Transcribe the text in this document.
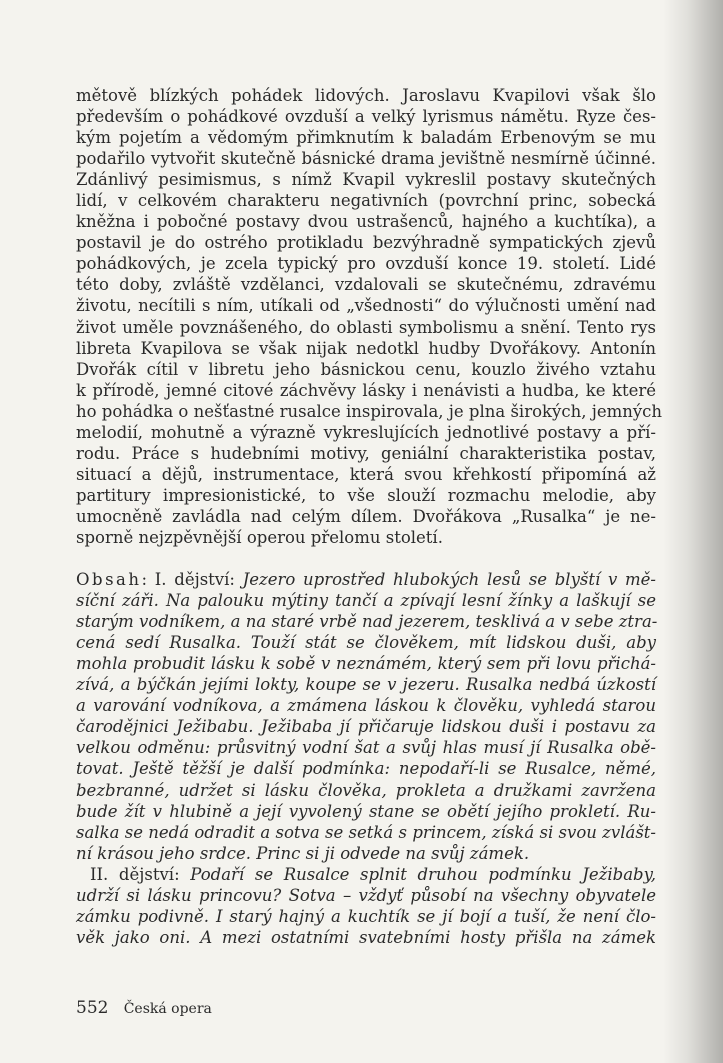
mětově blízkých pohádek lidových. Jaroslavu Kvapilovi však šlo

především o pohádkové ovzduší a velký lyrismus námětu. Ryze čes-

kým pojetím a vědomým přimknutím k baladám Erbenovým se mu

podařilo vytvořit skutečně básnické drama jevištně nesmírně účinné.

Zdánlivý pesimismus, s nímž Kvapil vykreslil postavy skutečných

lidí, v celkovém charakteru negativních (povrchní princ, sobecká

kněžna i pobočné postavy dvou ustrašenců, hajného a kuchtíka), a

postavil je do ostrého protikladu bezvýhradně sympatických zjevů

pohádkových, je zcela typický pro ovzduší konce 19. století. Lidé

této doby, zvláště vzdělanci, vzdalovali se skutečnému, zdravému

životu, necítili s ním, utíkali od „všednosti“ do výlučnosti umění nad

život uměle povznášeného, do oblasti symbolismu a snění. Tento rys

libreta Kvapilova se však nijak nedotkl hudby Dvořákovy. Antonín

Dvořák cítil v libretu jeho básnickou cenu, kouzlo živého vztahu

k přírodě, jemné citové záchvěvy lásky i nenávisti a hudba, ke které

ho pohádka o nešťastné rusalce inspirovala, je plna širokých, jemných

melodií, mohutně a výrazně vykreslujících jednotlivé postavy a pří-

rodu. Práce s hudebními motivy, geniální charakteristika postav,

situací a dějů, instrumentace, která svou křehkostí připomíná až

partitury impresionistické, to vše slouží rozmachu melodie, aby

umocněně zavládla nad celým dílem. Dvořákova „Rusalka“ je ne-

sporně nejzpěvnější operou přelomu století.

Obsah: I. dějství: Jezero uprostřed hlubokých lesů se blyští v mě-

síční záři. Na palouku mýtiny tančí a zpívají lesní žínky a laškují se

starým vodníkem, a na staré vrbě nad jezerem, tesklivá a v sebe ztra-

cená sedí Rusalka. Touží stát se člověkem, mít lidskou duši, aby

mohla probudit lásku k sobě v neznámém, který sem při lovu přichá-

zívá, a býčkán jejími lokty, koupe se v jezeru. Rusalka nedbá úzkostí

a varování vodníkova, a zmámena láskou k člověku, vyhledá starou

čarodějnici Ježibabu. Ježibaba jí přičaruje lidskou duši i postavu za

velkou odměnu: průsvitný vodní šat a svůj hlas musí jí Rusalka obě-

tovat. Ještě těžší je další podmínka: nepodaří-li se Rusalce, němé,

bezbranné, udržet si lásku člověka, prokleta a družkami zavržena

bude žít v hlubině a její vyvolený stane se obětí jejího prokletí. Ru-

salka se nedá odradit a sotva se setká s princem, získá si svou zvlášt-

ní krásou jeho srdce. Princ si ji odvede na svůj zámek.

II. dějství: Podaří se Rusalce splnit druhou podmínku Ježibaby,

udrží si lásku princovu? Sotva – vždyť působí na všechny obyvatele

zámku podivně. I starý hajný a kuchtík se jí bojí a tuší, že není člo-

věk jako oni. A mezi ostatními svatebními hosty přišla na zámek

552 Česká opera
